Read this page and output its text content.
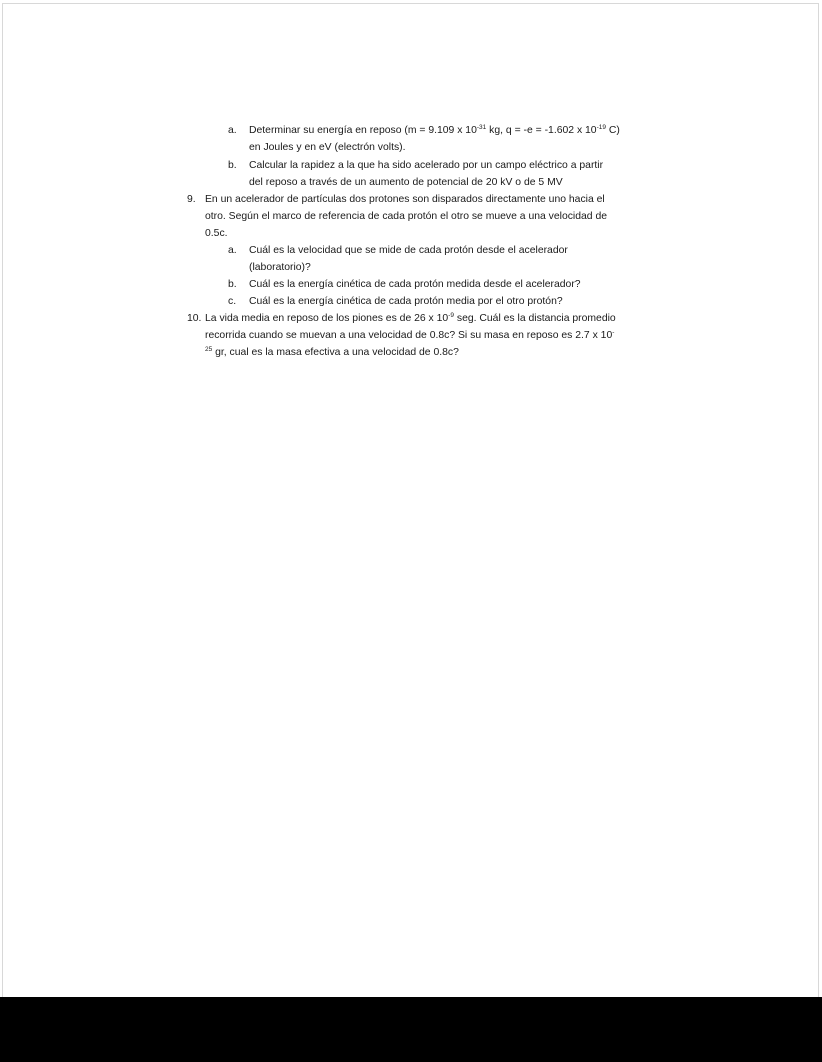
a. Determinar su energía en reposo (m = 9.109 x $10^{-31}$ kg, q = -e = -1.602 x $10^{-19}$ C)
en Joules y en eV (electrón volts).
b. Calcular la rapidez a la que ha sido acelerado por un campo eléctrico a partir
del reposo a través de un aumento de potencial de 20 kV o de 5 MV
9. En un acelerador de partículas dos protones son disparados directamente uno hacia el
otro. Según el marco de referencia de cada protón el otro se mueve a una velocidad de
0.5c.
a. Cuál es la velocidad que se mide de cada protón desde el acelerador
(laboratorio)?
b. Cuál es la energía cinética de cada protón medida desde el acelerador?
c. Cuál es la energía cinética de cada protón media por el otro protón?
10. La vida media en reposo de los piones es de 26 x $10^{-9}$ seg. Cuál es la distancia promedio
recorrida cuando se muevan a una velocidad de 0.8c? Si su masa en reposo es 2.7 x 10-
$^{25}$ gr, cual es la masa efectiva a una velocidad de 0.8c?
